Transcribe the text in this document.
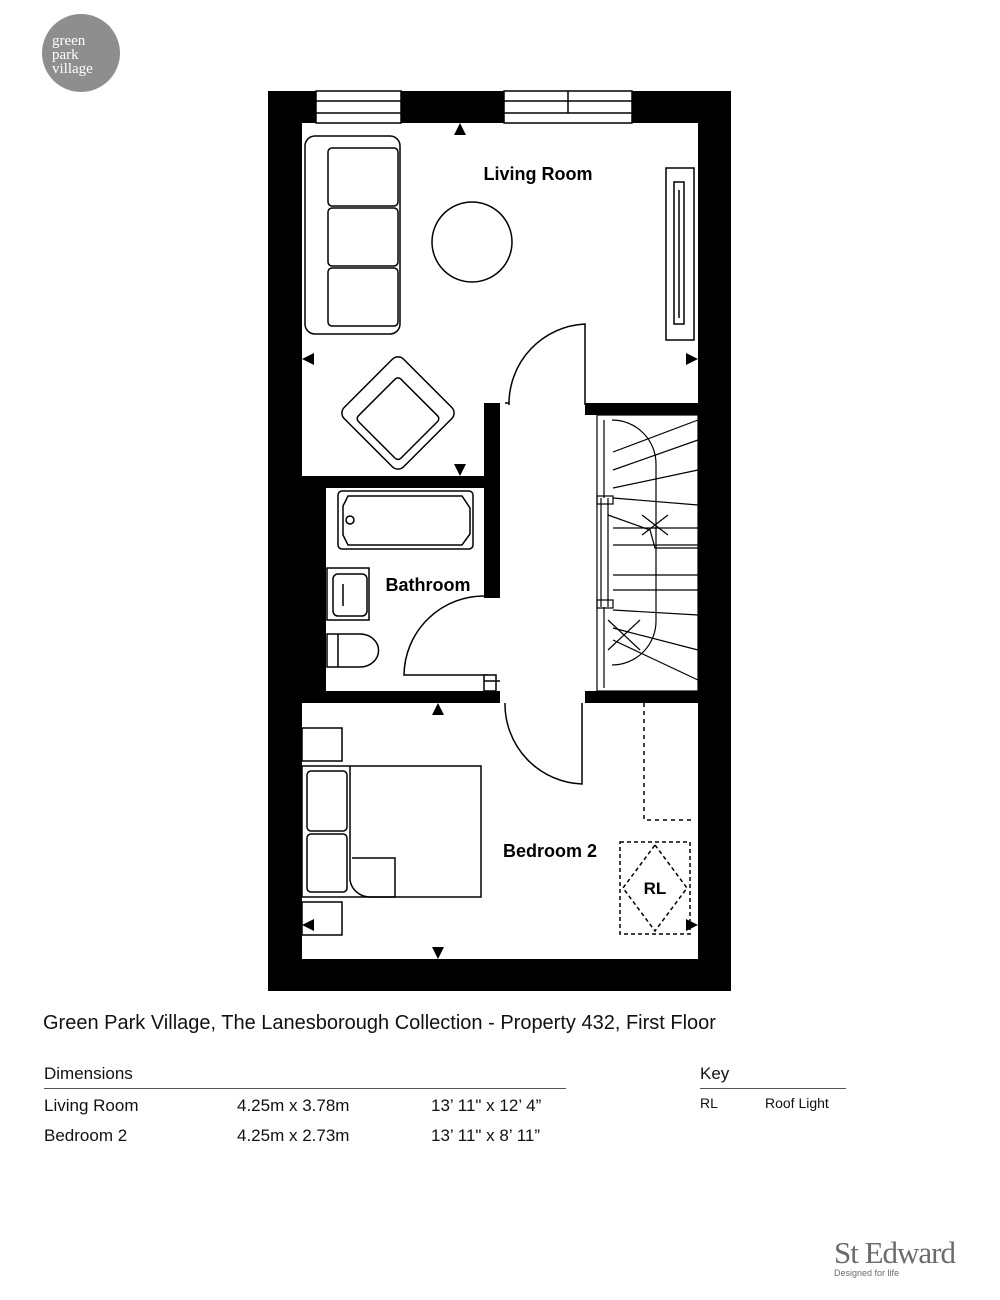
green
park
village
Living Room
Bathroom
Bedroom 2
RL
Green Park Village, The Lanesborough Collection - Property 432, First Floor
Dimensions
Living Room	4.25m x 3.78m	13’ 11" x 12’ 4”
Bedroom 2	4.25m x 2.73m	13’ 11" x 8’ 11”
Key
RL	Roof Light
St Edward
Designed for life
